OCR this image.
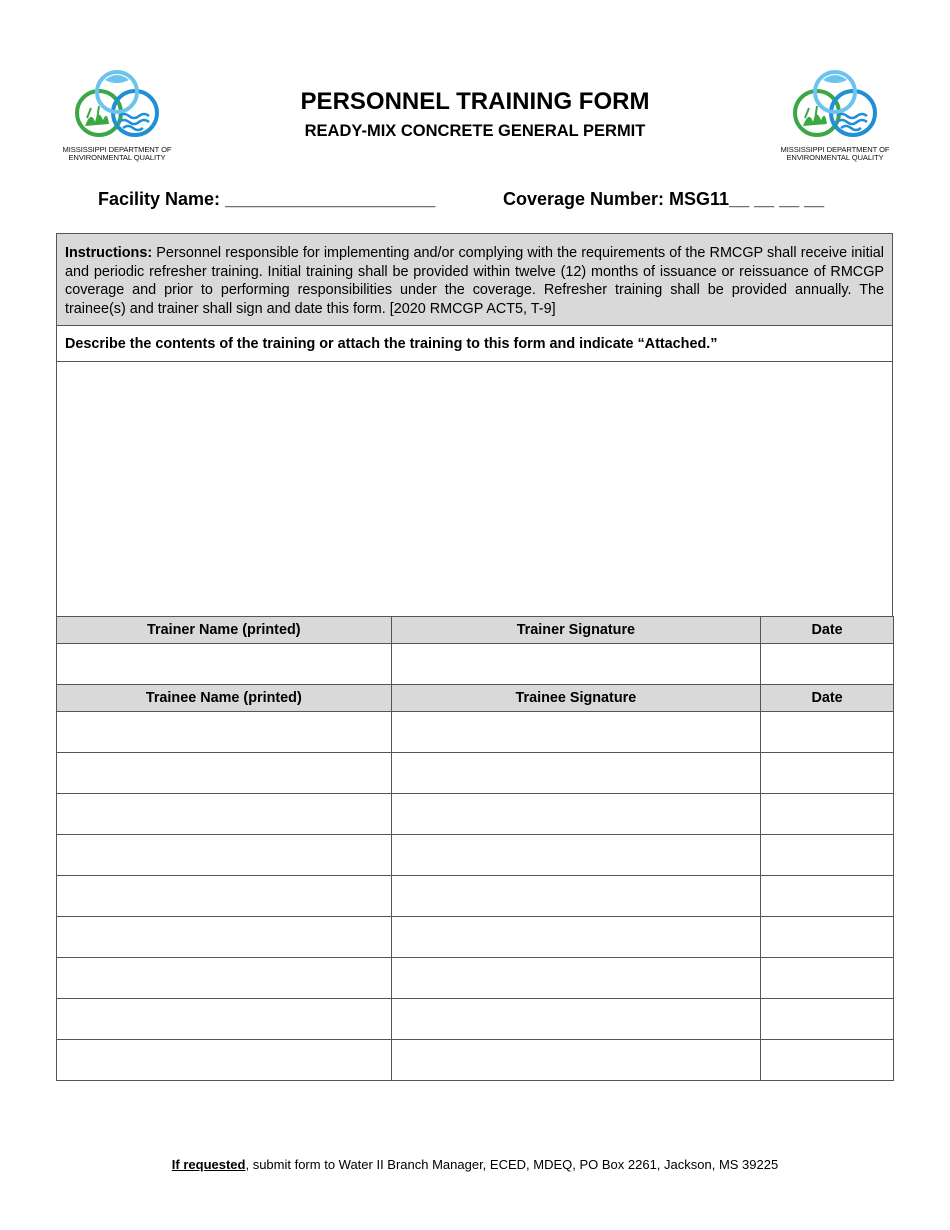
MISSISSIPPI DEPARTMENT OF
ENVIRONMENTAL QUALITY
MISSISSIPPI DEPARTMENT OF
ENVIRONMENTAL QUALITY
PERSONNEL TRAINING FORM
READY-MIX CONCRETE GENERAL PERMIT
Facility Name: _____________________	Coverage Number: MSG11__ __ __ __
Instructions: Personnel responsible for implementing and/or complying with the requirements of the RMCGP shall receive initial and periodic refresher training. Initial training shall be provided within twelve (12) months of issuance or reissuance of RMCGP coverage and prior to performing responsibilities under the coverage. Refresher training shall be provided annually. The trainee(s) and trainer shall sign and date this form. [2020 RMCGP ACT5, T-9]
Describe the contents of the training or attach the training to this form and indicate “Attached.”
Trainer Name (printed)	Trainer Signature	Date

Trainee Name (printed)	Trainee Signature	Date

If requested, submit form to Water II Branch Manager, ECED, MDEQ, PO Box 2261, Jackson, MS 39225
